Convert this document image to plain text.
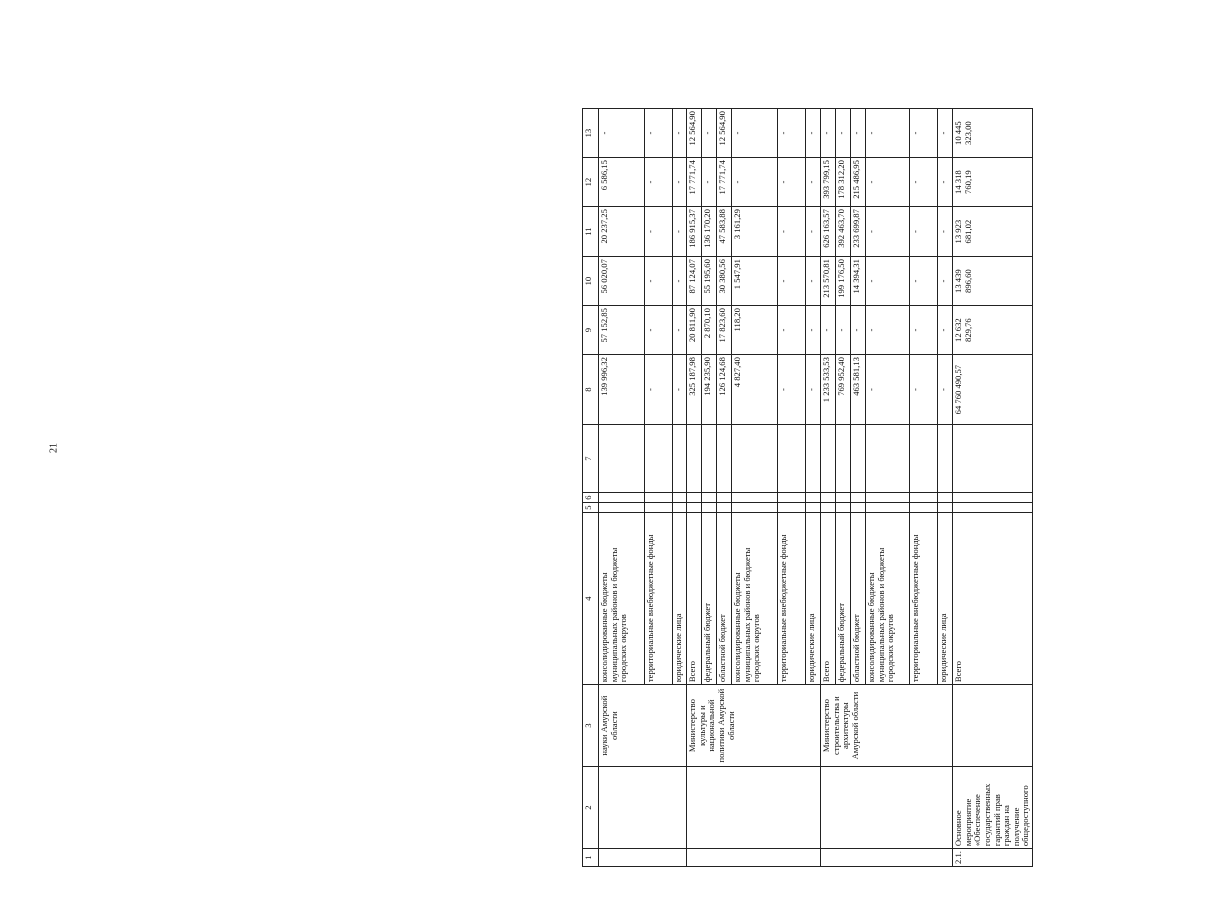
21
1	2	3	4	5	6	7	8	9	10	11	12	13
		науки Амурской области	консолидированные бюджеты муниципальных районов и бюджеты городских округов				139 996,32	57 152,85	56 020,07	20 237,25	6 586,15	-
			территориальные внебюджетные фонды				-	-	-	-	-	-
			юридические лица				-	-	-	-	-	-
		Министерство культуры и национальной политики Амурской области	Всего				325 187,98	20 811,90	87 124,07	186 915,37	17 771,74	12 564,90
			федеральный бюджет				194 235,90	2 870,10	55 195,60	136 170,20	-	-
			областной бюджет				126 124,68	17 823,60	30 380,56	47 583,88	17 771,74	12 564,90
			консолидированные бюджеты муниципальных районов и бюджеты городских округов				4 827,40	118,20	1 547,91	3 161,29	-	-
			территориальные внебюджетные фонды				-	-	-	-	-	-
			юридические лица				-	-	-	-	-	-
		Министерство строительства и архитектуры Амурской области	Всего				1 233 533,53	-	213 570,81	626 163,57	393 799,15	-
			федеральный бюджет				769 952,40	-	199 176,50	392 463,70	178 312,20	-
			областной бюджет				463 581,13	-	14 394,31	233 699,87	215 486,95	-
			консолидированные бюджеты муниципальных районов и бюджеты городских округов				-	-	-	-	-	-
			территориальные внебюджетные фонды				-	-	-	-	-	-
			юридические лица				-	-	-	-	-	-
2.1.	Основное мероприятие «Обеспечение государственных гарантий прав граждан на получение общедоступного		Всего				64 760 490,57	12 632 829,76	13 439 896,60	13 923 681,02	14 318 760,19	10 445 323,00
